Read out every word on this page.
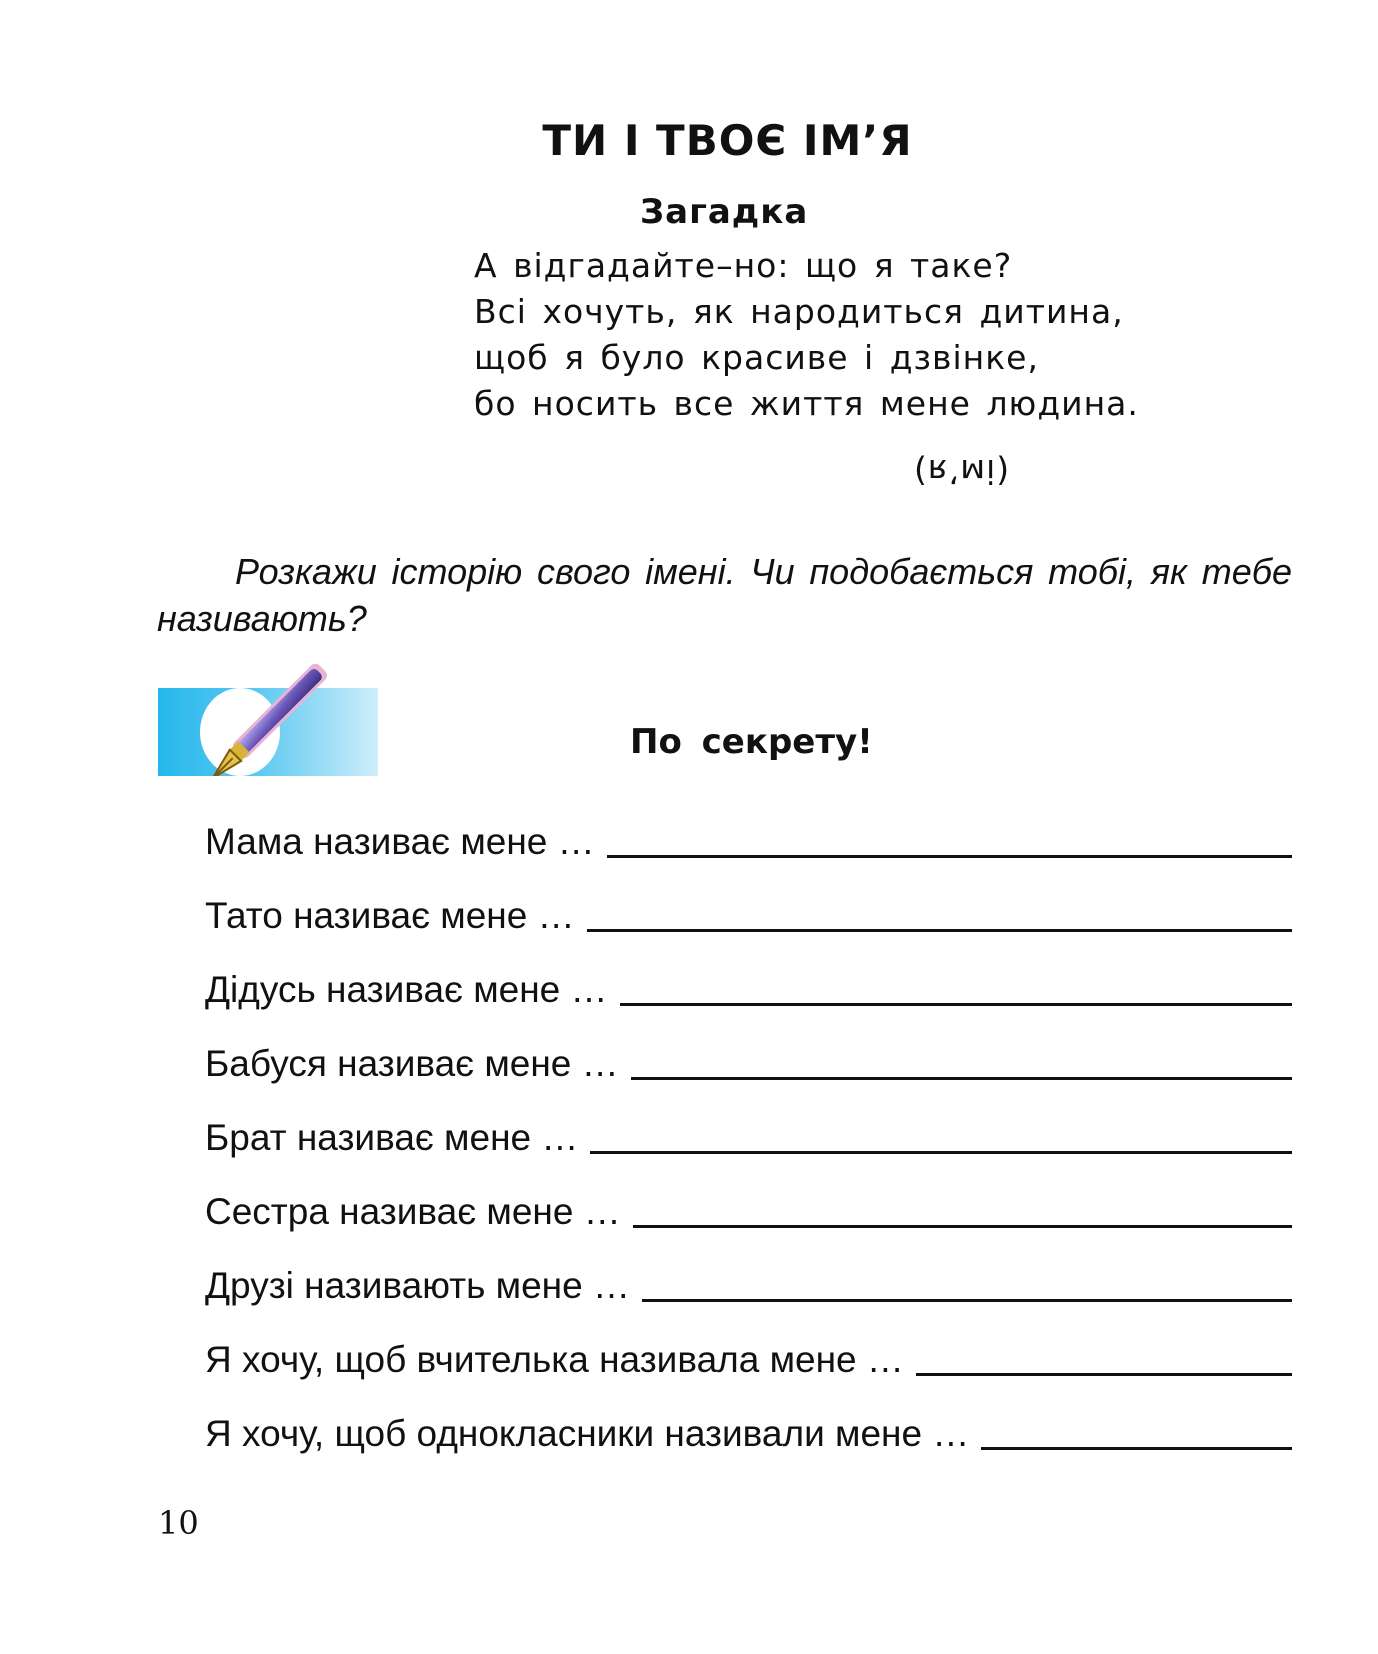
ТИ І ТВОЄ ІМ’Я
Загадка
А відгадайте–но: що я таке?
Всі хочуть, як народиться дитина,
щоб я було красиве і дзвінке,
бо носить все життя мене людина.
(ім’я)

Розкажи історію свого імені. Чи подобається тобі, як тебе називають?

По секрету!
Мама називає мене …
Тато називає мене …
Дідусь називає мене …
Бабуся називає мене …
Брат називає мене …
Сестра називає мене …
Друзі називають мене …
Я хочу, щоб вчителька називала мене …
Я хочу, щоб однокласники називали мене …
10
